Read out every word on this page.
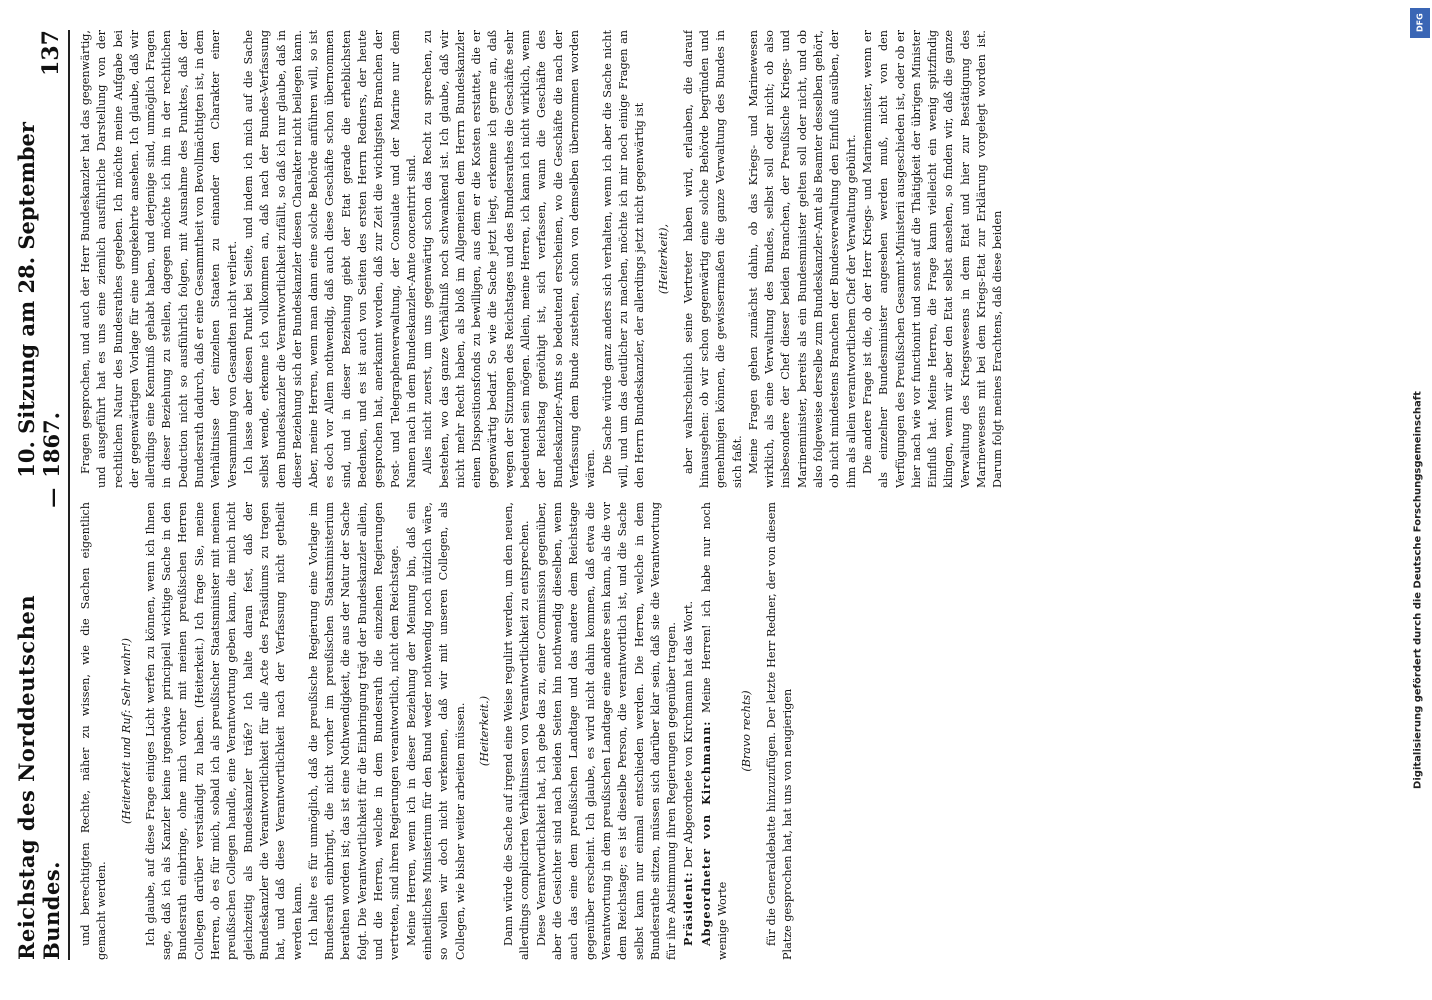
Reichstag des Norddeutschen Bundes.
—
10. Sitzung am 28. September 1867.
137

und berechtigten Rechte, näher zu wissen, wie die Sachen eigentlich gemacht werden.

(Heiterkeit und Ruf: Sehr wahr!) Ich glaube, auf diese Frage einiges Licht werfen zu können, wenn ich Ihnen sage, daß ich als Kanzler keine irgendwie principiell wichtige Sache in den Bundesrath einbringe, ohne mich vorher mit meinen preußischen Herren Collegen darüber verständigt zu haben. (Heiterkeit.) Ich frage Sie, meine Herren, ob es für mich, sobald ich als preußischer Staatsminister mit meinen preußischen Collegen handle, eine Verantwortung geben kann, die mich nicht gleichzeitig als Bundeskanzler träfe? Ich halte daran fest, daß der Bundeskanzler die Verantwortlichkeit für alle Acte des Präsidiums zu tragen hat, und daß diese Verantwortlichkeit nach der Verfassung nicht getheilt werden kann. Ich halte es für unmöglich, daß die preußische Regierung eine Vorlage im Bundesrath einbringt, die nicht vorher im preußischen Staatsministerium berathen worden ist; das ist eine Nothwendigkeit, die aus der Natur der Sache folgt. Die Verantwortlichkeit für die Einbringung trägt der Bundeskanzler allein, und die Herren, welche in dem Bundesrath die einzelnen Regierungen vertreten, sind ihren Regierungen verantwortlich, nicht dem Reichstage. Meine Herren, wenn ich in dieser Beziehung der Meinung bin, daß ein einheitliches Ministerium für den Bund weder nothwendig noch nützlich wäre, so wollen wir doch nicht verkennen, daß wir mit unseren Collegen, als Collegen, wie bisher weiter arbeiten müssen. (Heiterkeit.) Dann würde die Sache auf irgend eine Weise regulirt werden, um den neuen, allerdings complicirten Verhältnissen von Verantwortlichkeit zu entsprechen. Diese Verantwortlichkeit hat, ich gebe das zu, einer Commission gegenüber, aber die Gesichter sind nach beiden Seiten hin nothwendig dieselben, wenn auch das eine dem preußischen Landtage und das andere dem Reichstage gegenüber erscheint. Ich glaube, es wird nicht dahin kommen, daß etwa die Verantwortung in dem preußischen Landtage eine andere sein kann, als die vor dem Reichstage; es ist dieselbe Person, die verantwortlich ist, und die Sache selbst kann nur einmal entschieden werden. Die Herren, welche in dem Bundesrathe sitzen, müssen sich darüber klar sein, daß sie die Verantwortung für ihre Abstimmung ihren Regierungen gegenüber tragen. Präsident: Der Abgeordnete von Kirchmann hat das Wort. Abgeordneter von Kirchmann: Meine Herren! ich habe nur noch wenige Worte

(Bravo rechts) für die Generaldebatte hinzuzufügen. Der letzte Herr Redner, der von diesem Platze gesprochen hat, hat uns von neugierigen

Fragen gesprochen, und auch der Herr Bundeskanzler hat das gegenwärtig, und ausgeführt hat es uns eine ziemlich ausführliche Darstellung von der rechtlichen Natur des Bundesrathes gegeben. Ich möchte meine Aufgabe bei der gegenwärtigen Vorlage für eine umgekehrte ansehen. Ich glaube, daß wir allerdings eine Kenntniß gehabt haben, und derjenige sind, unmöglich Fragen in dieser Beziehung zu stellen, dagegen möchte ich ihm in der rechtlichen Deduction nicht so ausführlich folgen, mit Ausnahme des Punktes, daß der Bundesrath dadurch, daß er eine Gesammtheit von Bevollmächtigten ist, in dem Verhältnisse der einzelnen Staaten zu einander den Charakter einer Versammlung von Gesandten nicht verliert. Ich lasse aber diesen Punkt bei Seite, und indem ich mich auf die Sache selbst wende, erkenne ich vollkommen an, daß nach der Bundes-Verfassung dem Bundeskanzler die Verantwortlichkeit zufällt, so daß ich nur glaube, daß in dieser Beziehung sich der Bundeskanzler diesen Charakter nicht beilegen kann. Aber, meine Herren, wenn man dann eine solche Behörde anführen will, so ist es doch vor Allem nothwendig, daß auch diese Geschäfte schon übernommen sind, und in dieser Beziehung giebt der Etat gerade die erheblichsten Bedenken, und es ist auch von Seiten des ersten Herrn Redners, der heute gesprochen hat, anerkannt worden, daß zur Zeit die wichtigsten Branchen der Post- und Telegraphenverwaltung, der Consulate und der Marine nur dem Namen nach in dem Bundeskanzler-Amte concentrirt sind. Alles nicht zuerst, um uns gegenwärtig schon das Recht zu sprechen, zu bestehen, wo das ganze Verhältniß noch schwankend ist. Ich glaube, daß wir nicht mehr Recht haben, als bloß im Allgemeinen dem Herrn Bundeskanzler einen Dispositionsfonds zu bewilligen, aus dem er die Kosten erstattet, die er gegenwärtig bedarf. So wie die Sache jetzt liegt, erkenne ich gerne an, daß wegen der Sitzungen des Reichstages und des Bundesrathes die Geschäfte sehr bedeutend sein mögen. Allein, meine Herren, ich kann ich nicht wirklich, wenn der Reichstag genöthigt ist, sich verfassen, wann die Geschäfte des Bundeskanzler-Amts so bedeutend erscheinen, wo die Geschäfte die nach der Verfassung dem Bunde zustehen, schon von demselben übernommen worden wären. Die Sache würde ganz anders sich verhalten, wenn ich aber die Sache nicht will, und um das deutlicher zu machen, möchte ich mir noch einige Fragen an den Herrn Bundeskanzler, der allerdings jetzt nicht gegenwärtig ist (Heiterkeit), aber wahrscheinlich seine Vertreter haben wird, erlauben, die darauf hinausgehen: ob wir schon gegenwärtig eine solche Behörde begründen und genehmigen können, die gewissermaßen die ganze Verwaltung des Bundes in sich faßt. Meine Fragen gehen zunächst dahin, ob das Kriegs- und Marinewesen wirklich, als eine Verwaltung des Bundes, selbst soll oder nicht; ob also insbesondere der Chef dieser beiden Branchen, der Preußische Kriegs- und Marineminister, bereits als ein Bundesminister gelten soll oder nicht, und ob also folgeweise derselbe zum Bundeskanzler-Amt als Beamter desselben gehört, ob nicht mindestens Branchen der Bundesverwaltung den Einfluß ausüben, der ihm als allein verantwortlichem Chef der Verwaltung gebührt. Die andere Frage ist die, ob der Herr Kriegs- und Marineminister, wenn er als einzelner Bundesminister angesehen werden muß, nicht von den Verfügungen des Preußischen Gesammt-Ministerii ausgeschieden ist, oder ob er hier nach wie vor functionirt und sonst auf die Thätigkeit der übrigen Minister Einfluß hat. Meine Herren, die Frage kann vielleicht ein wenig spitzfindig klingen, wenn wir aber den Etat selbst ansehen, so finden wir, daß die ganze Verwaltung des Kriegswesens in dem Etat und hier zur Bestätigung des Marinewesens mit bei dem Kriegs-Etat zur Erklärung vorgelegt worden ist. Darum folgt meines Erachtens, daß diese beiden

DFG
Digitalisierung gefördert durch die Deutsche Forschungsgemeinschaft
